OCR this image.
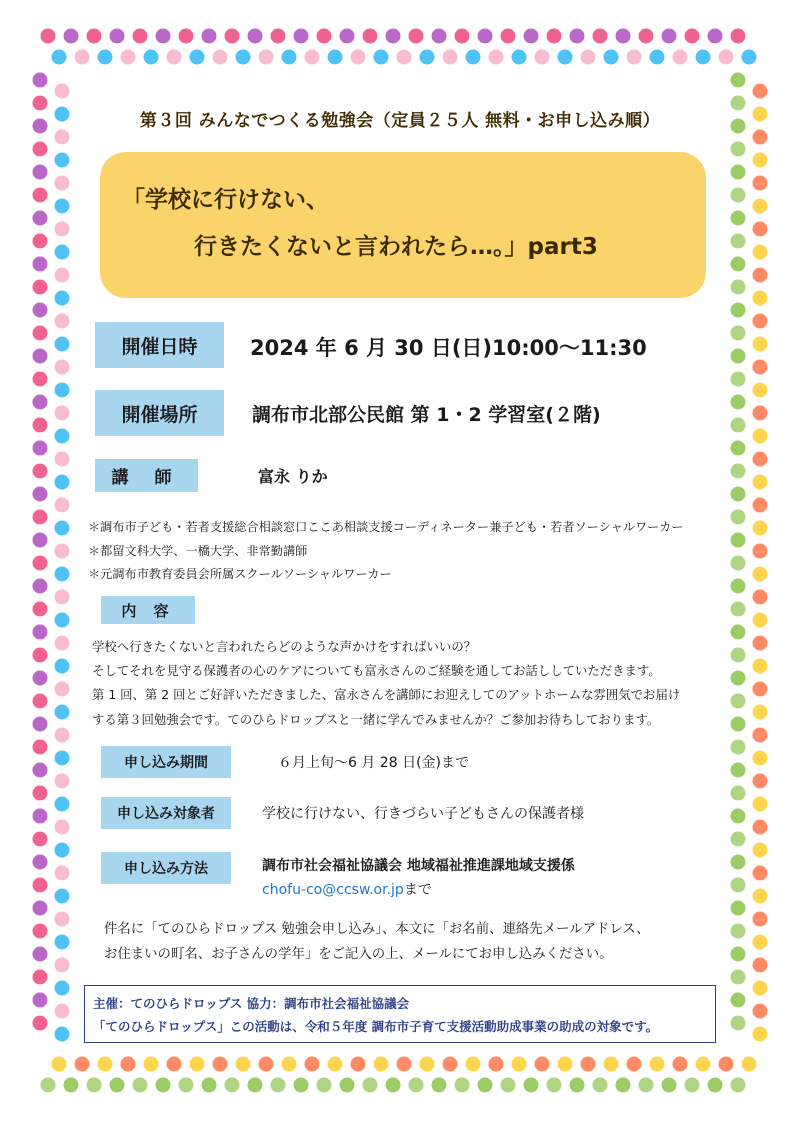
第３回 みんなでつくる勉強会（定員２５人 無料・お申し込み順）
「学校に行けない、
行きたくないと言われたら…。」part3
開催日時	2024 年 6 月 30 日(日)10:00～11:30
開催場所	調布市北部公民館 第 1・2 学習室(２階)
講 師	富永 りか
＊調布市子ども・若者支援総合相談窓口ここあ相談支援コーディネーター兼子ども・若者ソーシャルワーカー
＊都留文科大学、一橋大学、非常勤講師
＊元調布市教育委員会所属スクールソーシャルワーカー
内 容
学校へ行きたくないと言われたらどのような声かけをすればいいの？
そしてそれを見守る保護者の心のケアについても富永さんのご経験を通してお話ししていただきます。
第 1 回、第 2 回とご好評いただきました、富永さんを講師にお迎えしてのアットホームな雰囲気でお届け
する第３回勉強会です。てのひらドロップスと一緒に学んでみませんか？ご参加お待ちしております。
申し込み期間	６月上旬～6 月 28 日(金)まで
申し込み対象者	学校に行けない、行きづらい子どもさんの保護者様
申し込み方法	調布市社会福祉協議会 地域福祉推進課地域支援係
chofu-co@ccsw.or.jpまで
件名に「てのひらドロップス 勉強会申し込み」、本文に「お名前、連絡先メールアドレス、
お住まいの町名、お子さんの学年」をご記入の上、メールにてお申し込みください。
主催：てのひらドロップス 協力：調布市社会福祉協議会
「てのひらドロップス」この活動は、令和５年度 調布市子育て支援活動助成事業の助成の対象です。
